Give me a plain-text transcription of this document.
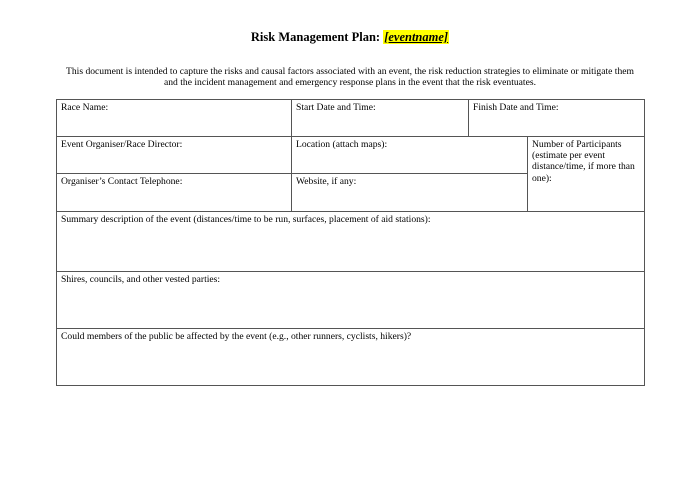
Risk Management Plan: [eventname]
This document is intended to capture the risks and causal factors associated with an event, the risk reduction strategies to eliminate or mitigate them and the incident management and emergency response plans in the event that the risk eventuates.
Race Name:	Start Date and Time:	Finish Date and Time:
Event Organiser/Race Director:	Location (attach maps):	Number of Participants (estimate per event distance/time, if more than one):
Organiser’s Contact Telephone:	Website, if any:
Summary description of the event (distances/time to be run, surfaces, placement of aid stations):
Shires, councils, and other vested parties:
Could members of the public be affected by the event (e.g., other runners, cyclists, hikers)?
